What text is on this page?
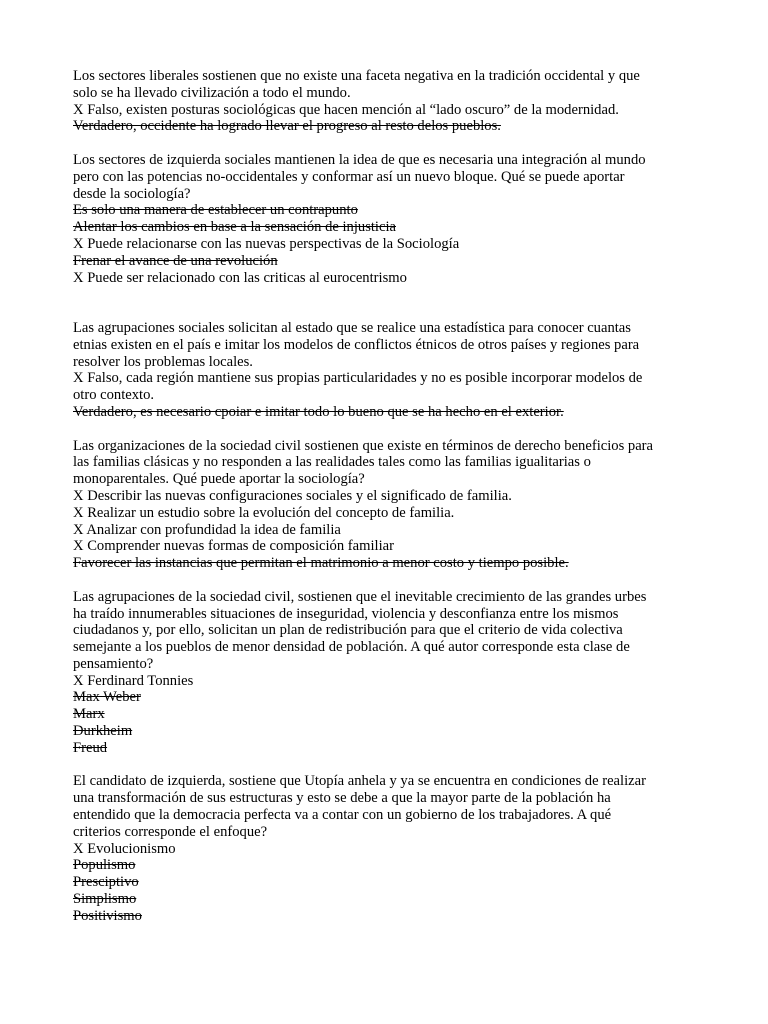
Los sectores liberales sostienen que no existe una faceta negativa en la tradición occidental y que
solo se ha llevado civilización a todo el mundo.
X Falso, existen posturas sociológicas que hacen mención al “lado oscuro” de la modernidad.
Verdadero, occidente ha logrado llevar el progreso al resto delos pueblos.
Los sectores de izquierda sociales mantienen la idea de que es necesaria una integración al mundo
pero con las potencias no-occidentales y conformar así un nuevo bloque. Qué se puede aportar
desde la sociología?
Es solo una manera de establecer un contrapunto
Alentar los cambios en base a la sensación de injusticia
X Puede relacionarse con las nuevas perspectivas de la Sociología
Frenar el avance de una revolución
X Puede ser relacionado con las criticas al eurocentrismo
Las agrupaciones sociales solicitan al estado que se realice una estadística para conocer cuantas
etnias existen en el país e imitar los modelos de conflictos étnicos de otros países y regiones para
resolver los problemas locales.
X Falso, cada región mantiene sus propias particularidades y no es posible incorporar modelos de
otro contexto.
Verdadero, es necesario cpoiar e imitar todo lo bueno que se ha hecho en el exterior.
Las organizaciones de la sociedad civil sostienen que existe en términos de derecho beneficios para
las familias clásicas y no responden a las realidades tales como las familias igualitarias o
monoparentales. Qué puede aportar la sociología?
X Describir las nuevas configuraciones sociales y el significado de familia.
X Realizar un estudio sobre la evolución del concepto de familia.
X Analizar con profundidad la idea de familia
X Comprender nuevas formas de composición familiar
Favorecer las instancias que permitan el matrimonio a menor costo y tiempo posible.
Las agrupaciones de la sociedad civil, sostienen que el inevitable crecimiento de las grandes urbes
ha traído innumerables situaciones de inseguridad, violencia y desconfianza entre los mismos
ciudadanos y, por ello, solicitan un plan de redistribución para que el criterio de vida colectiva
semejante a los pueblos de menor densidad de población. A qué autor corresponde esta clase de
pensamiento?
X Ferdinard Tonnies
Max Weber
Marx
Durkheim
Freud
El candidato de izquierda, sostiene que Utopía anhela y ya se encuentra en condiciones de realizar
una transformación de sus estructuras y esto se debe a que la mayor parte de la población ha
entendido que la democracia perfecta va a contar con un gobierno de los trabajadores. A qué
criterios corresponde el enfoque?
X Evolucionismo
Populismo
Presciptivo
Simplismo
Positivismo
